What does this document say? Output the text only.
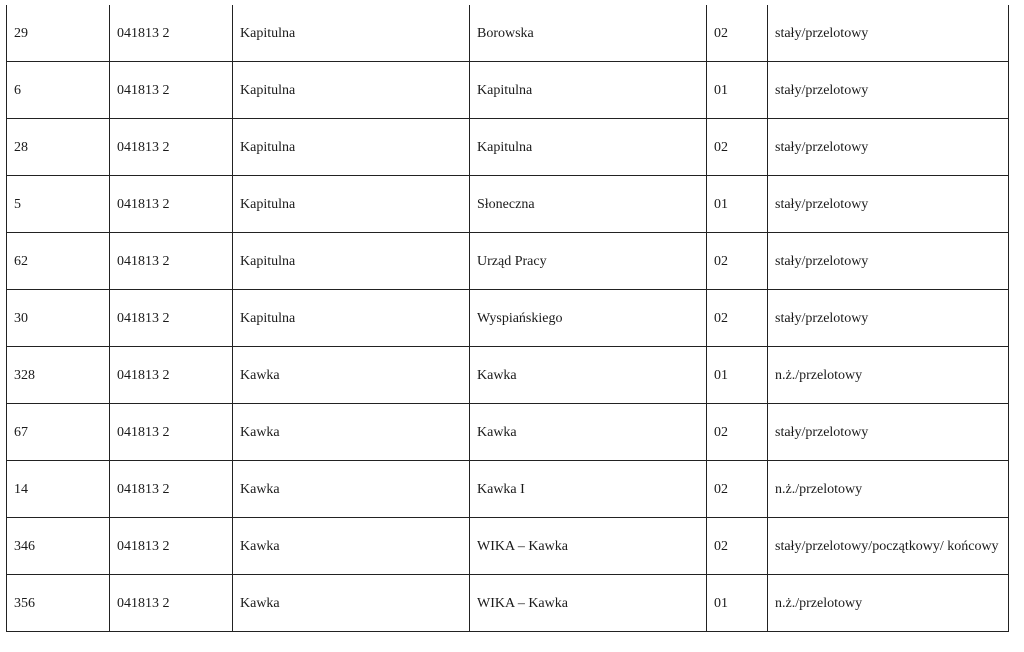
29	041813 2	Kapitulna	Borowska	02	stały/przelotowy
6	041813 2	Kapitulna	Kapitulna	01	stały/przelotowy
28	041813 2	Kapitulna	Kapitulna	02	stały/przelotowy
5	041813 2	Kapitulna	Słoneczna	01	stały/przelotowy
62	041813 2	Kapitulna	Urząd Pracy	02	stały/przelotowy
30	041813 2	Kapitulna	Wyspiańskiego	02	stały/przelotowy
328	041813 2	Kawka	Kawka	01	n.ż./przelotowy
67	041813 2	Kawka	Kawka	02	stały/przelotowy
14	041813 2	Kawka	Kawka I	02	n.ż./przelotowy
346	041813 2	Kawka	WIKA – Kawka	02	stały/przelotowy/początkowy/ końcowy
356	041813 2	Kawka	WIKA – Kawka	01	n.ż./przelotowy
